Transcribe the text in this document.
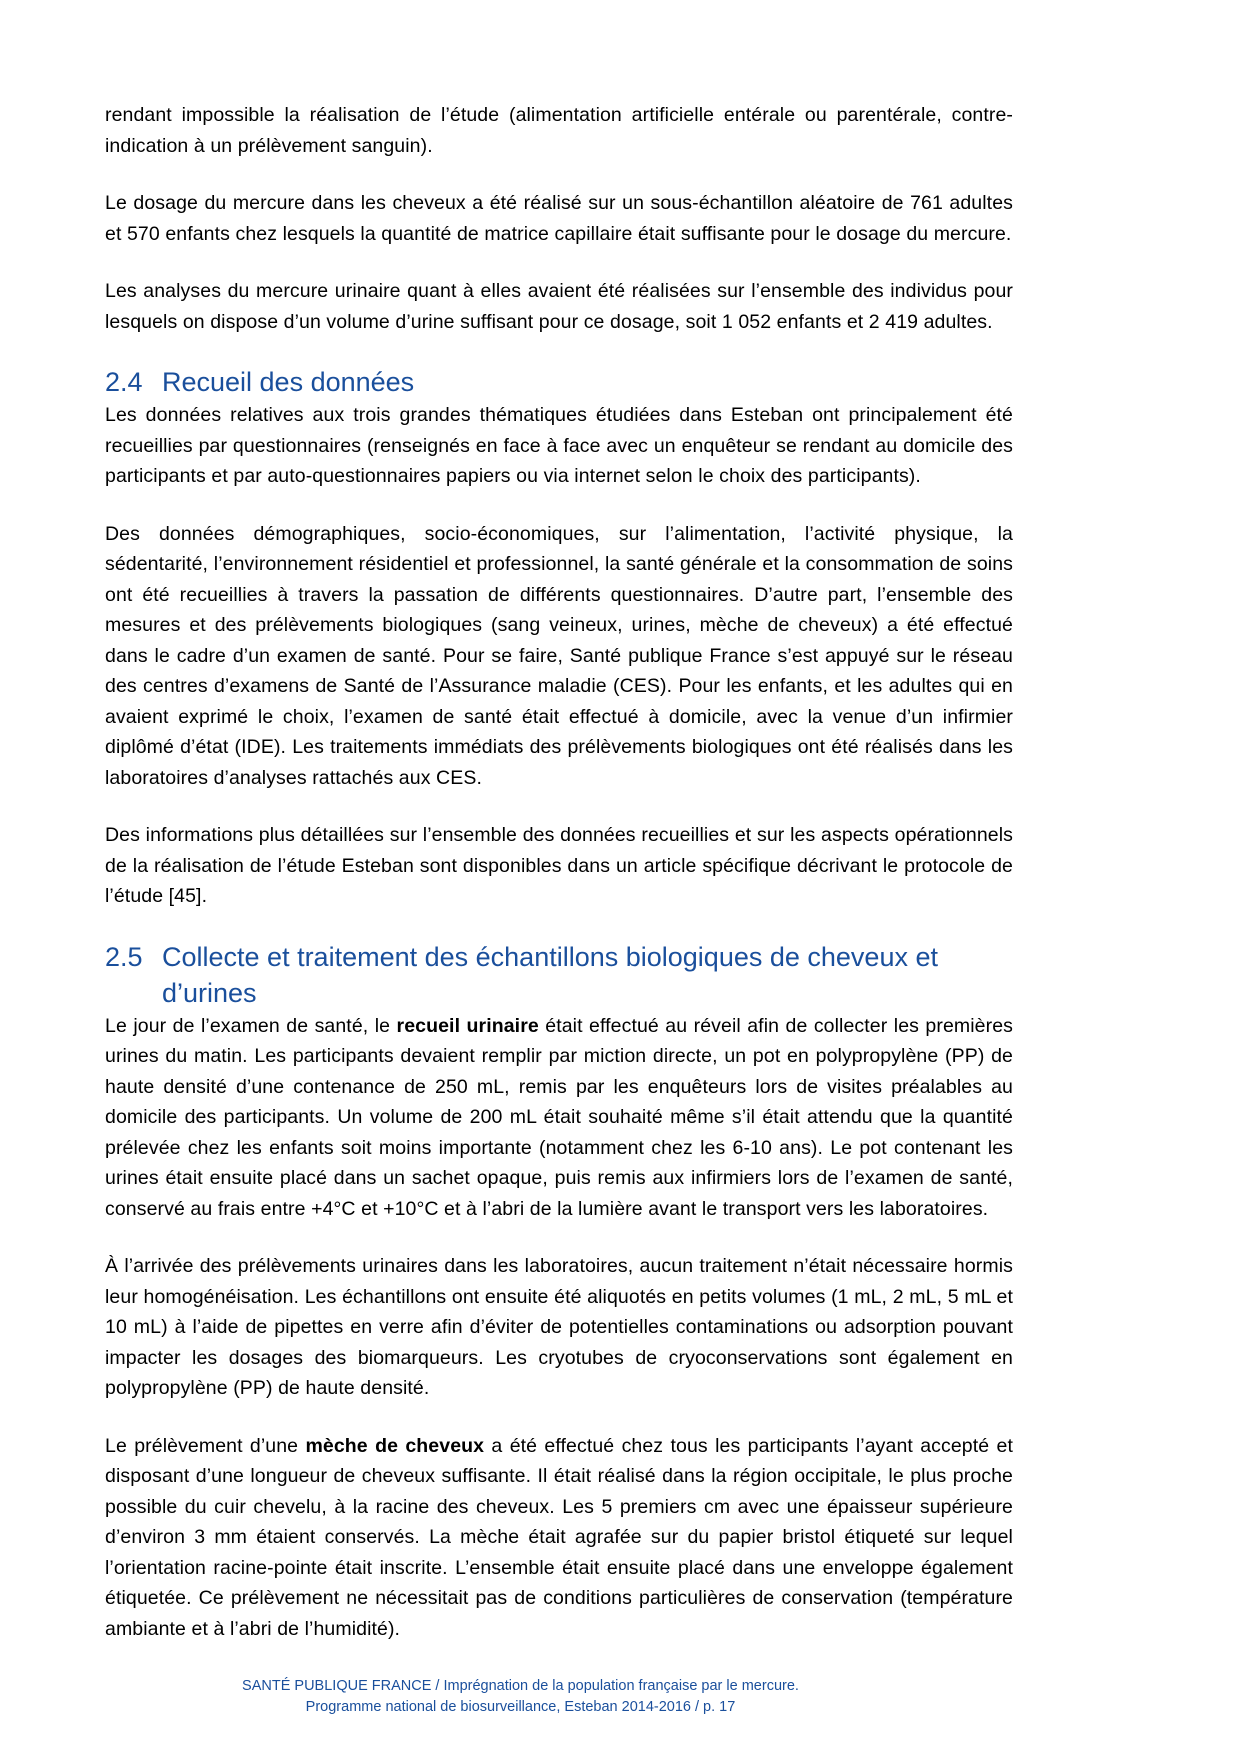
rendant impossible la réalisation de l’étude (alimentation artificielle entérale ou parentérale, contre-indication à un prélèvement sanguin).

Le dosage du mercure dans les cheveux a été réalisé sur un sous-échantillon aléatoire de 761 adultes et 570 enfants chez lesquels la quantité de matrice capillaire était suffisante pour le dosage du mercure.

Les analyses du mercure urinaire quant à elles avaient été réalisées sur l’ensemble des individus pour lesquels on dispose d’un volume d’urine suffisant pour ce dosage, soit 1 052 enfants et 2 419 adultes.

2.4 Recueil des données

Les données relatives aux trois grandes thématiques étudiées dans Esteban ont principalement été recueillies par questionnaires (renseignés en face à face avec un enquêteur se rendant au domicile des participants et par auto-questionnaires papiers ou via internet selon le choix des participants).

Des données démographiques, socio-économiques, sur l’alimentation, l’activité physique, la sédentarité, l’environnement résidentiel et professionnel, la santé générale et la consommation de soins ont été recueillies à travers la passation de différents questionnaires. D’autre part, l’ensemble des mesures et des prélèvements biologiques (sang veineux, urines, mèche de cheveux) a été effectué dans le cadre d’un examen de santé. Pour se faire, Santé publique France s’est appuyé sur le réseau des centres d’examens de Santé de l’Assurance maladie (CES). Pour les enfants, et les adultes qui en avaient exprimé le choix, l’examen de santé était effectué à domicile, avec la venue d’un infirmier diplômé d’état (IDE). Les traitements immédiats des prélèvements biologiques ont été réalisés dans les laboratoires d’analyses rattachés aux CES.

Des informations plus détaillées sur l’ensemble des données recueillies et sur les aspects opérationnels de la réalisation de l’étude Esteban sont disponibles dans un article spécifique décrivant le protocole de l’étude [45].

2.5 Collecte et traitement des échantillons biologiques de cheveux et d’urines

Le jour de l’examen de santé, le recueil urinaire était effectué au réveil afin de collecter les premières urines du matin. Les participants devaient remplir par miction directe, un pot en polypropylène (PP) de haute densité d’une contenance de 250 mL, remis par les enquêteurs lors de visites préalables au domicile des participants. Un volume de 200 mL était souhaité même s’il était attendu que la quantité prélevée chez les enfants soit moins importante (notamment chez les 6-10 ans). Le pot contenant les urines était ensuite placé dans un sachet opaque, puis remis aux infirmiers lors de l’examen de santé, conservé au frais entre +4°C et +10°C et à l’abri de la lumière avant le transport vers les laboratoires.

À l’arrivée des prélèvements urinaires dans les laboratoires, aucun traitement n’était nécessaire hormis leur homogénéisation. Les échantillons ont ensuite été aliquotés en petits volumes (1 mL, 2 mL, 5 mL et 10 mL) à l’aide de pipettes en verre afin d’éviter de potentielles contaminations ou adsorption pouvant impacter les dosages des biomarqueurs. Les cryotubes de cryoconservations sont également en polypropylène (PP) de haute densité.

Le prélèvement d’une mèche de cheveux a été effectué chez tous les participants l’ayant accepté et disposant d’une longueur de cheveux suffisante. Il était réalisé dans la région occipitale, le plus proche possible du cuir chevelu, à la racine des cheveux. Les 5 premiers cm avec une épaisseur supérieure d’environ 3 mm étaient conservés. La mèche était agrafée sur du papier bristol étiqueté sur lequel l’orientation racine-pointe était inscrite. L’ensemble était ensuite placé dans une enveloppe également étiquetée. Ce prélèvement ne nécessitait pas de conditions particulières de conservation (température ambiante et à l’abri de l’humidité).

SANTÉ PUBLIQUE FRANCE / Imprégnation de la population française par le mercure.
Programme national de biosurveillance, Esteban 2014-2016 / p. 17
